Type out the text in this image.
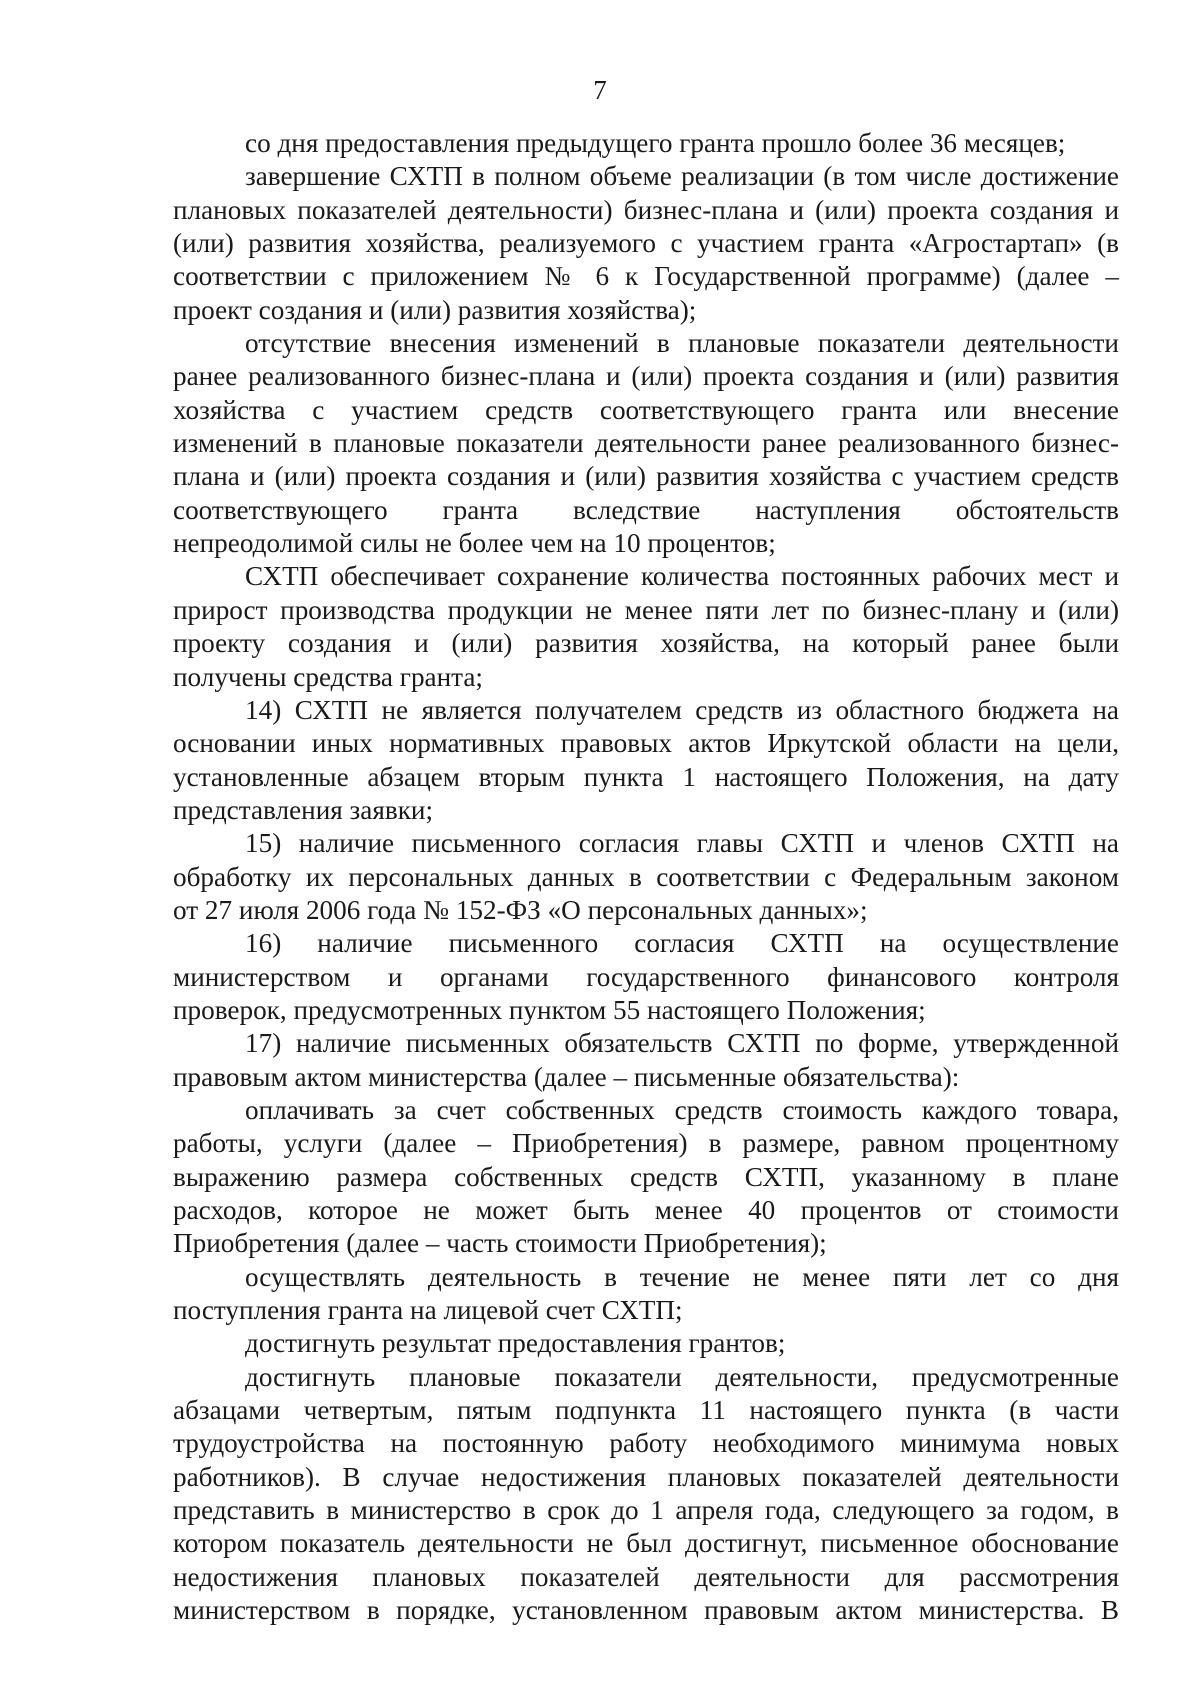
7
со дня предоставления предыдущего гранта прошло более 36 месяцев;
завершение СХТП в полном объеме реализации (в том числе достижение
плановых показателей деятельности) бизнес-плана и (или) проекта создания и
(или) развития хозяйства, реализуемого с участием гранта «Агростартап» (в
соответствии с приложением № 6 к Государственной программе) (далее –
проект создания и (или) развития хозяйства);
отсутствие внесения изменений в плановые показатели деятельности
ранее реализованного бизнес-плана и (или) проекта создания и (или) развития
хозяйства с участием средств соответствующего гранта или внесение
изменений в плановые показатели деятельности ранее реализованного бизнес-
плана и (или) проекта создания и (или) развития хозяйства с участием средств
соответствующего гранта вследствие наступления обстоятельств
непреодолимой силы не более чем на 10 процентов;
СХТП обеспечивает сохранение количества постоянных рабочих мест и
прирост производства продукции не менее пяти лет по бизнес-плану и (или)
проекту создания и (или) развития хозяйства, на который ранее были
получены средства гранта;
14) СХТП не является получателем средств из областного бюджета на
основании иных нормативных правовых актов Иркутской области на цели,
установленные абзацем вторым пункта 1 настоящего Положения, на дату
представления заявки;
15) наличие письменного согласия главы СХТП и членов СХТП на
обработку их персональных данных в соответствии с Федеральным законом
от 27 июля 2006 года № 152-ФЗ «О персональных данных»;
16) наличие письменного согласия СХТП на осуществление
министерством и органами государственного финансового контроля
проверок, предусмотренных пунктом 55 настоящего Положения;
17) наличие письменных обязательств СХТП по форме, утвержденной
правовым актом министерства (далее – письменные обязательства):
оплачивать за счет собственных средств стоимость каждого товара,
работы, услуги (далее – Приобретения) в размере, равном процентному
выражению размера собственных средств СХТП, указанному в плане
расходов, которое не может быть менее 40 процентов от стоимости
Приобретения (далее – часть стоимости Приобретения);
осуществлять деятельность в течение не менее пяти лет со дня
поступления гранта на лицевой счет СХТП;
достигнуть результат предоставления грантов;
достигнуть плановые показатели деятельности, предусмотренные
абзацами четвертым, пятым подпункта 11 настоящего пункта (в части
трудоустройства на постоянную работу необходимого минимума новых
работников). В случае недостижения плановых показателей деятельности
представить в министерство в срок до 1 апреля года, следующего за годом, в
котором показатель деятельности не был достигнут, письменное обоснование
недостижения плановых показателей деятельности для рассмотрения
министерством в порядке, установленном правовым актом министерства. В
